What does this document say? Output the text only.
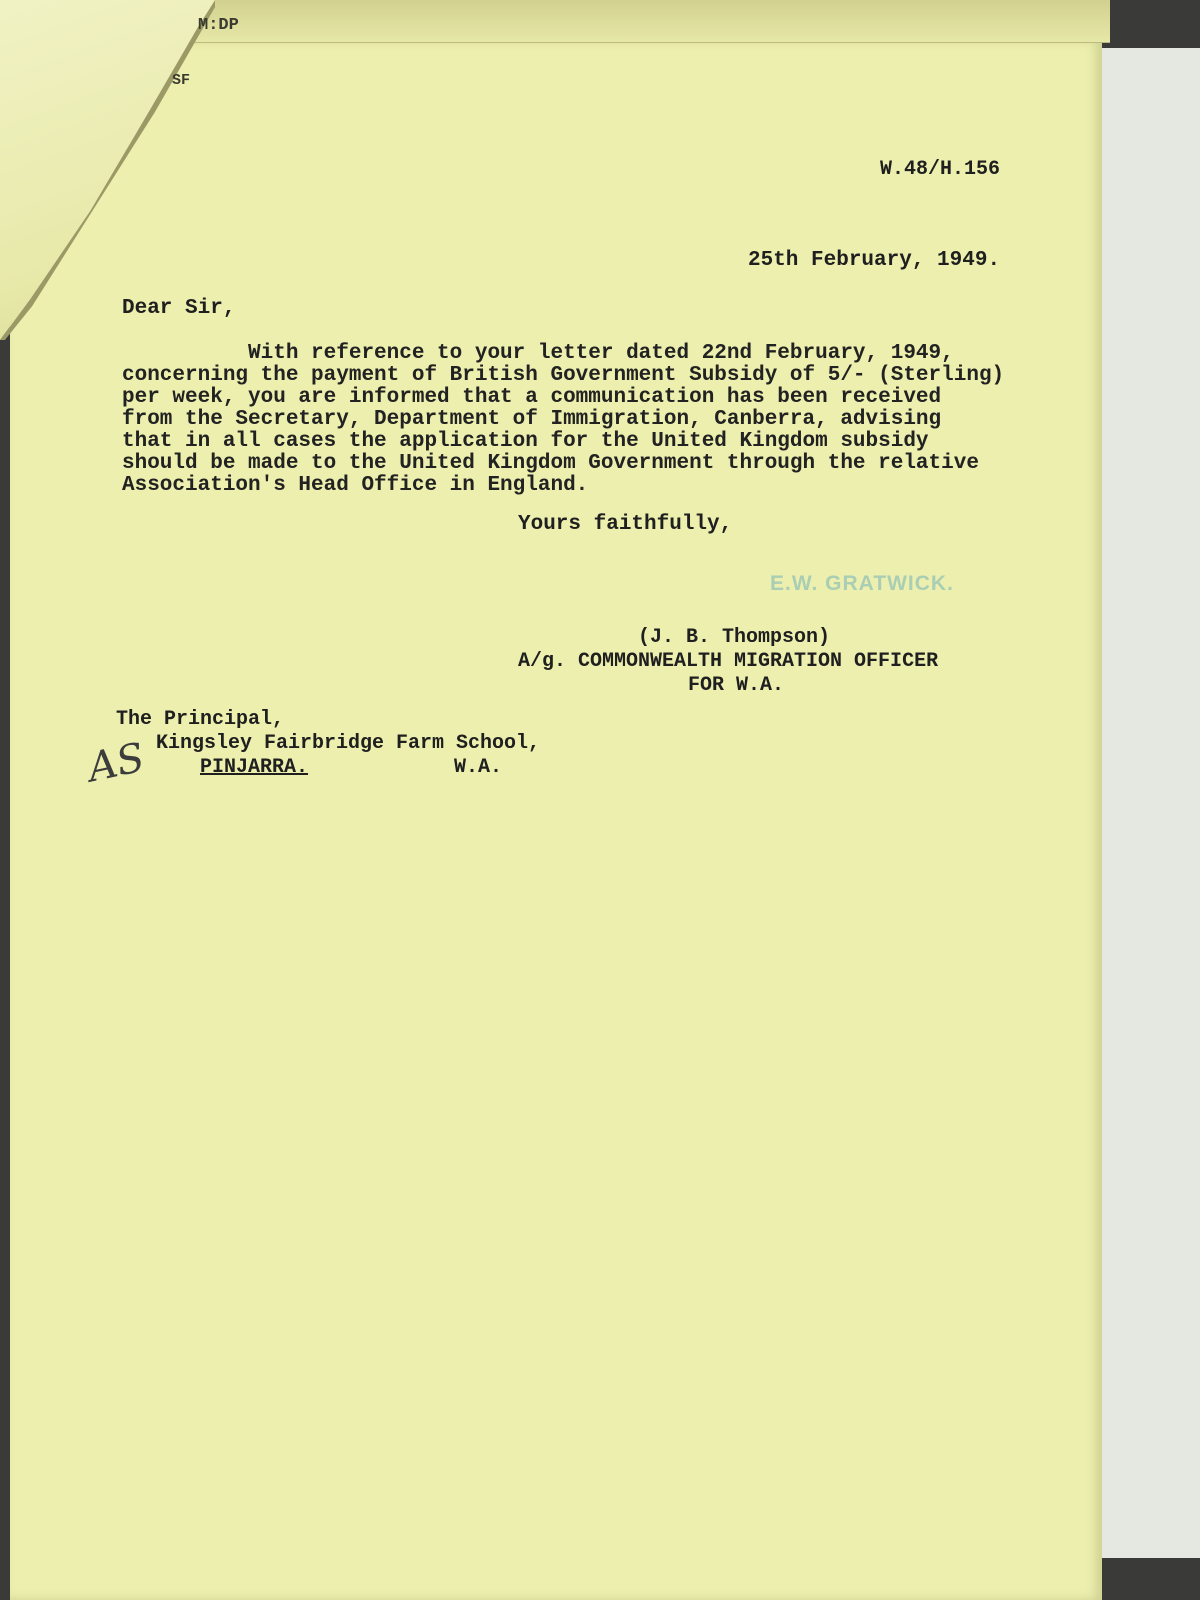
W.48/H.156
25th February, 1949.
Dear Sir,
With reference to your letter dated 22nd February, 1949,
concerning the payment of British Government Subsidy of 5/- (Sterling)
per week, you are informed that a communication has been received
from the Secretary, Department of Immigration, Canberra, advising
that in all cases the application for the United Kingdom subsidy
should be made to the United Kingdom Government through the relative
Association's Head Office in England.
Yours faithfully,
E.W. GRATWICK.
(J. B. Thompson)
A/g. COMMONWEALTH MIGRATION OFFICER
FOR W.A.
The Principal,
Kingsley Fairbridge Farm School,
PINJARRA.	W.A.
AS
M:DP
SF
